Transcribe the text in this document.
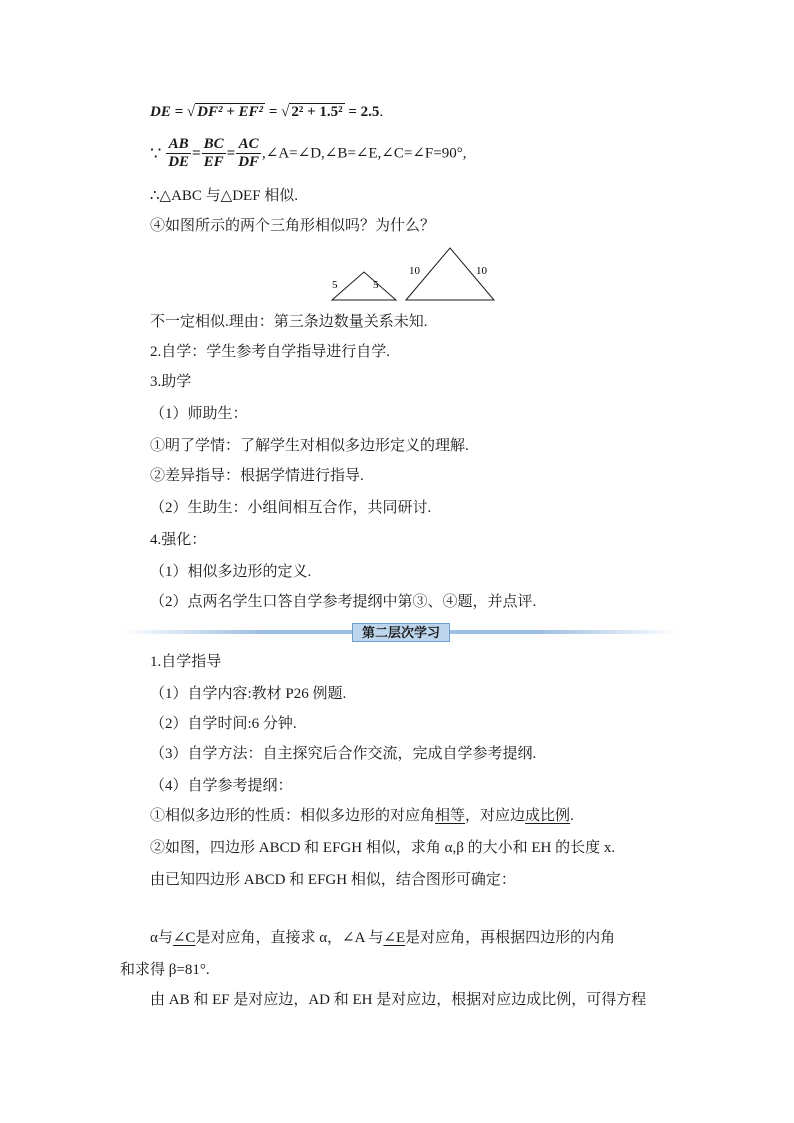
DE = √ DF² + EF² = √ 2² + 1.5² = 2.5.
∵ $\frac{AB}{DE} = \frac{BC}{EF} = \frac{AC}{DF}$ ,∠A=∠D,∠B=∠E,∠C=∠F=90°,
∴△ABC 与△DEF 相似.
④如图所示的两个三角形相似吗？为什么？
5	5
10	10
不一定相似.理由：第三条边数量关系未知.
2.自学：学生参考自学指导进行自学.
3.助学
（1）师助生：
①明了学情：了解学生对相似多边形定义的理解.
②差异指导：根据学情进行指导.
（2）生助生：小组间相互合作，共同研讨.
4.强化：
（1）相似多边形的定义.
（2）点两名学生口答自学参考提纲中第③、④题，并点评.
第二层次学习
1.自学指导
（1）自学内容:教材 P26 例题.
（2）自学时间:6 分钟.
（3）自学方法：自主探究后合作交流，完成自学参考提纲.
（4）自学参考提纲：
①相似多边形的性质：相似多边形的对应角相等，对应边成比例.
②如图，四边形 ABCD 和 EFGH 相似，求角 α,β 的大小和 EH 的长度 x.
由已知四边形 ABCD 和 EFGH 相似，结合图形可确定：
α与∠C是对应角，直接求 α，∠A 与∠E是对应角，再根据四边形的内角
和求得 β=81°.
由 AB 和 EF 是对应边，AD 和 EH 是对应边，根据对应边成比例，可得方程
